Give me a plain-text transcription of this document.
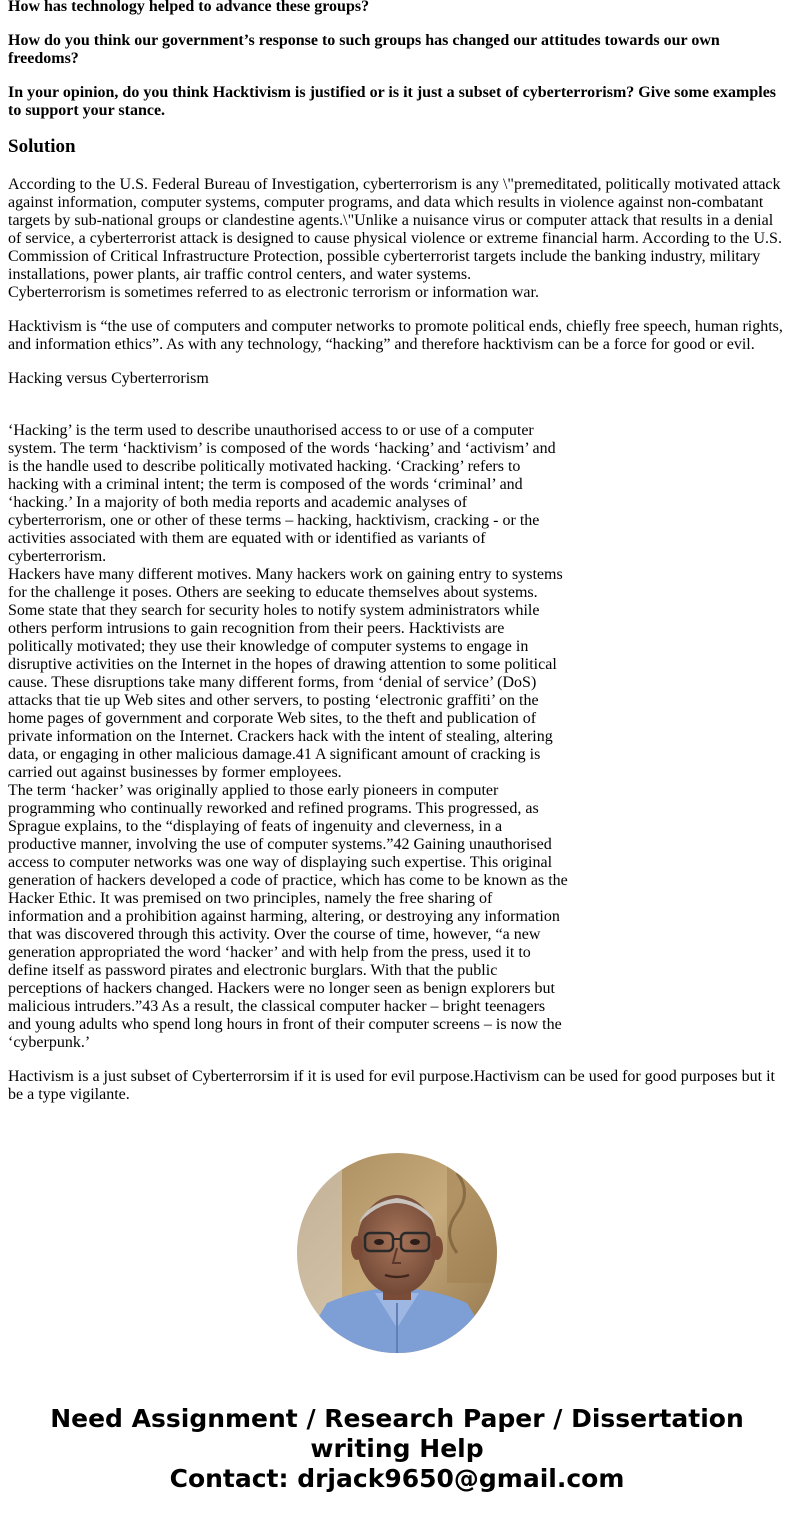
How has technology helped to advance these groups?

How do you think our government’s response to such groups has changed our attitudes towards our own freedoms?

In your opinion, do you think Hacktivism is justified or is it just a subset of cyberterrorism? Give some examples to support your stance.

Solution

According to the U.S. Federal Bureau of Investigation, cyberterrorism is any \"premeditated, politically motivated attack against information, computer systems, computer programs, and data which results in violence against non-combatant targets by sub-national groups or clandestine agents.\"Unlike a nuisance virus or computer attack that results in a denial of service, a cyberterrorist attack is designed to cause physical violence or extreme financial harm. According to the U.S. Commission of Critical Infrastructure Protection, possible cyberterrorist targets include the banking industry, military installations, power plants, air traffic control centers, and water systems.

Cyberterrorism is sometimes referred to as electronic terrorism or information war.

Hacktivism is “the use of computers and computer networks to promote political ends, chiefly free speech, human rights, and information ethics”. As with any technology, “hacking” and therefore hacktivism can be a force for good or evil.

Hacking versus Cyberterrorism

‘Hacking’ is the term used to describe unauthorised access to or use of a computer system. The term ‘hacktivism’ is composed of the words ‘hacking’ and ‘activism’ and is the handle used to describe politically motivated hacking. ‘Cracking’ refers to hacking with a criminal intent; the term is composed of the words ‘criminal’ and ‘hacking.’ In a majority of both media reports and academic analyses of cyberterrorism, one or other of these terms – hacking, hacktivism, cracking - or the activities associated with them are equated with or identified as variants of cyberterrorism.

Hackers have many different motives. Many hackers work on gaining entry to systems for the challenge it poses. Others are seeking to educate themselves about systems. Some state that they search for security holes to notify system administrators while others perform intrusions to gain recognition from their peers. Hacktivists are politically motivated; they use their knowledge of computer systems to engage in disruptive activities on the Internet in the hopes of drawing attention to some political cause. These disruptions take many different forms, from ‘denial of service’ (DoS) attacks that tie up Web sites and other servers, to posting ‘electronic graffiti’ on the home pages of government and corporate Web sites, to the theft and publication of private information on the Internet. Crackers hack with the intent of stealing, altering data, or engaging in other malicious damage.41 A significant amount of cracking is carried out against businesses by former employees.

The term ‘hacker’ was originally applied to those early pioneers in computer programming who continually reworked and refined programs. This progressed, as Sprague explains, to the “displaying of feats of ingenuity and cleverness, in a productive manner, involving the use of computer systems.”42 Gaining unauthorised access to computer networks was one way of displaying such expertise. This original generation of hackers developed a code of practice, which has come to be known as the Hacker Ethic. It was premised on two principles, namely the free sharing of information and a prohibition against harming, altering, or destroying any information that was discovered through this activity. Over the course of time, however, “a new generation appropriated the word ‘hacker’ and with help from the press, used it to define itself as password pirates and electronic burglars. With that the public perceptions of hackers changed. Hackers were no longer seen as benign explorers but malicious intruders.”43 As a result, the classical computer hacker – bright teenagers and young adults who spend long hours in front of their computer screens – is now the ‘cyberpunk.’

Hactivism is a just subset of Cyberterrorsim if it is used for evil purpose.Hactivism can be used for good purposes but it be a type vigilante.

Need Assignment / Research Paper / Dissertation writing Help
Contact: drjack9650@gmail.com
